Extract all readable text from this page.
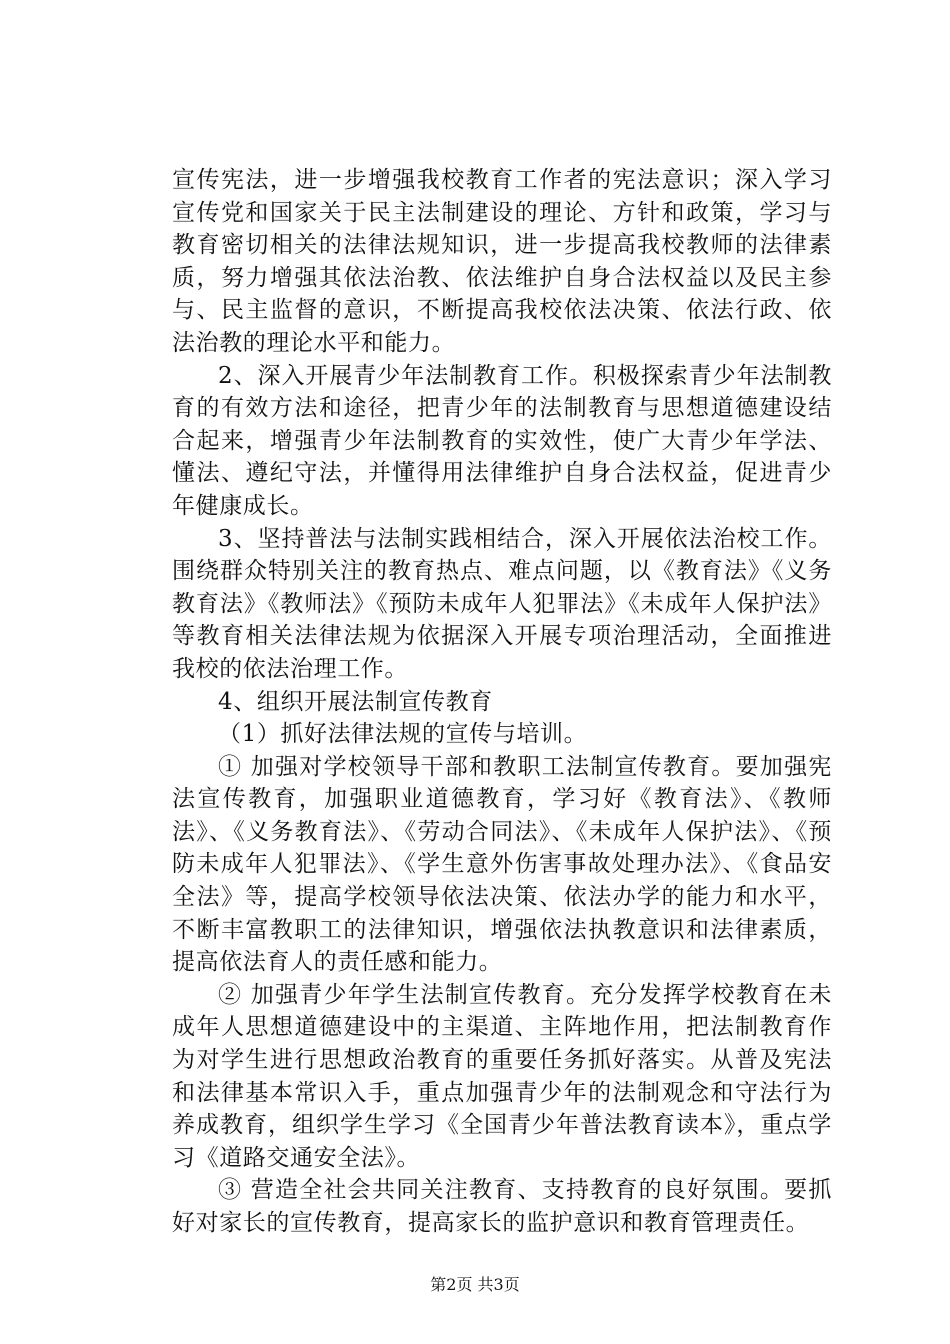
宣传宪法，进一步增强我校教育工作者的宪法意识；深入学习宣传党和国家关于民主法制建设的理论、方针和政策，学习与教育密切相关的法律法规知识，进一步提高我校教师的法律素质，努力增强其依法治教、依法维护自身合法权益以及民主参与、民主监督的意识，不断提高我校依法决策、依法行政、依法治教的理论水平和能力。

2、深入开展青少年法制教育工作。积极探索青少年法制教育的有效方法和途径，把青少年的法制教育与思想道德建设结合起来，增强青少年法制教育的实效性，使广大青少年学法、懂法、遵纪守法，并懂得用法律维护自身合法权益，促进青少年健康成长。

3、坚持普法与法制实践相结合，深入开展依法治校工作。围绕群众特别关注的教育热点、难点问题，以《教育法》《义务教育法》《教师法》《预防未成年人犯罪法》《未成年人保护法》等教育相关法律法规为依据深入开展专项治理活动，全面推进我校的依法治理工作。

4、组织开展法制宣传教育

（1）抓好法律法规的宣传与培训。

① 加强对学校领导干部和教职工法制宣传教育。要加强宪法宣传教育，加强职业道德教育，学习好《教育法》、《教师法》、《义务教育法》、《劳动合同法》、《未成年人保护法》、《预防未成年人犯罪法》、《学生意外伤害事故处理办法》、《食品安全法》等，提高学校领导依法决策、依法办学的能力和水平，不断丰富教职工的法律知识，增强依法执教意识和法律素质，提高依法育人的责任感和能力。

② 加强青少年学生法制宣传教育。充分发挥学校教育在未成年人思想道德建设中的主渠道、主阵地作用，把法制教育作为对学生进行思想政治教育的重要任务抓好落实。从普及宪法和法律基本常识入手，重点加强青少年的法制观念和守法行为养成教育，组织学生学习《全国青少年普法教育读本》，重点学习《道路交通安全法》。

③ 营造全社会共同关注教育、支持教育的良好氛围。要抓好对家长的宣传教育，提高家长的监护意识和教育管理责任。

第2页 共3页
